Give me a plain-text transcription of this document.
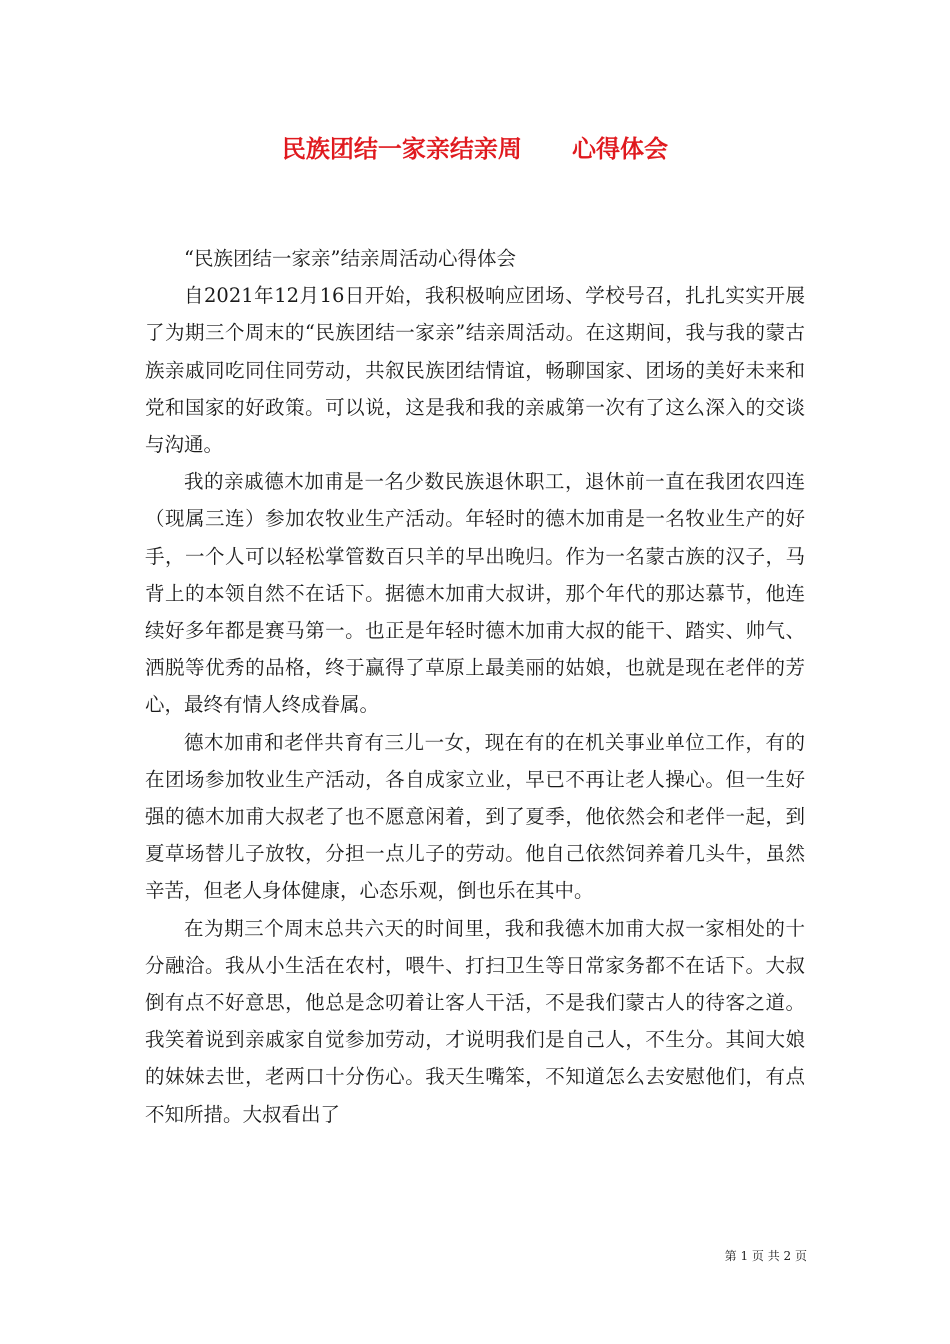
民族团结一家亲结亲周      心得体会

“民族团结一家亲”结亲周活动心得体会

自2021年12月16日开始，我积极响应团场、学校号召，扎扎实实开展了为期三个周末的“民族团结一家亲”结亲周活动。在这期间，我与我的蒙古族亲戚同吃同住同劳动，共叙民族团结情谊，畅聊国家、团场的美好未来和党和国家的好政策。可以说，这是我和我的亲戚第一次有了这么深入的交谈与沟通。

我的亲戚德木加甫是一名少数民族退休职工，退休前一直在我团农四连（现属三连）参加农牧业生产活动。年轻时的德木加甫是一名牧业生产的好手，一个人可以轻松掌管数百只羊的早出晚归。作为一名蒙古族的汉子，马背上的本领自然不在话下。据德木加甫大叔讲，那个年代的那达慕节，他连续好多年都是赛马第一。也正是年轻时德木加甫大叔的能干、踏实、帅气、洒脱等优秀的品格，终于赢得了草原上最美丽的姑娘，也就是现在老伴的芳心，最终有情人终成眷属。

德木加甫和老伴共育有三儿一女，现在有的在机关事业单位工作，有的在团场参加牧业生产活动，各自成家立业，早已不再让老人操心。但一生好强的德木加甫大叔老了也不愿意闲着，到了夏季，他依然会和老伴一起，到夏草场替儿子放牧，分担一点儿子的劳动。他自己依然饲养着几头牛，虽然辛苦，但老人身体健康，心态乐观，倒也乐在其中。

在为期三个周末总共六天的时间里，我和我德木加甫大叔一家相处的十分融洽。我从小生活在农村，喂牛、打扫卫生等日常家务都不在话下。大叔倒有点不好意思，他总是念叨着让客人干活，不是我们蒙古人的待客之道。我笑着说到亲戚家自觉参加劳动，才说明我们是自己人，不生分。其间大娘的妹妹去世，老两口十分伤心。我天生嘴笨，不知道怎么去安慰他们，有点不知所措。大叔看出了

第 1 页 共 2 页
